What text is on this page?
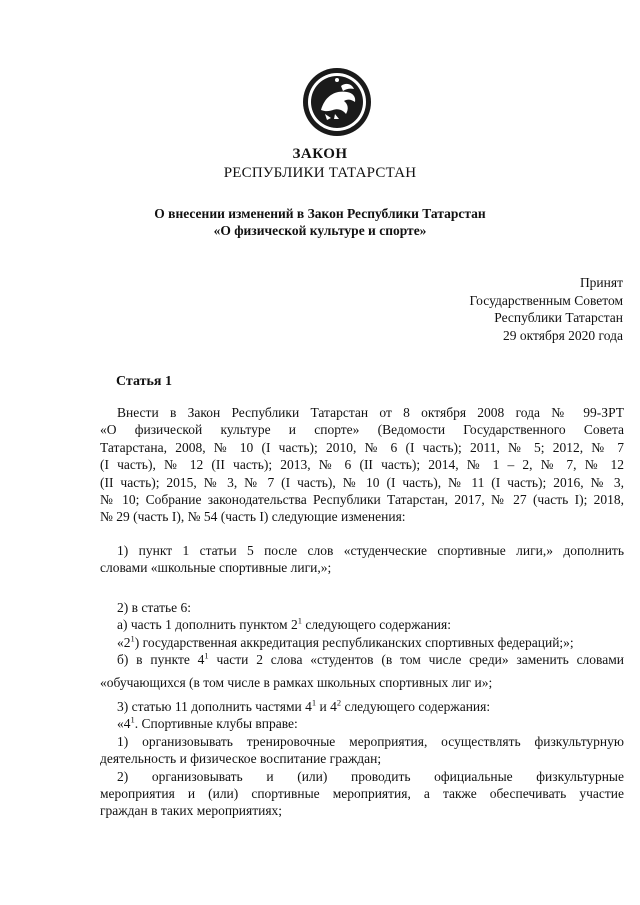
ЗАКОН
РЕСПУБЛИКИ ТАТАРСТАН
О внесении изменений в Закон Республики Татарстан
«О физической культуре и спорте»
Принят
Государственным Советом
Республики Татарстан
29 октября 2020 года
Статья 1
Внести в Закон Республики Татарстан от 8 октября 2008 года № 99-ЗРТ
«О физической культуре и спорте» (Ведомости Государственного Совета
Татарстана, 2008, № 10 (I часть); 2010, № 6 (I часть); 2011, № 5; 2012, № 7
(I часть), № 12 (II часть); 2013, № 6 (II часть); 2014, № 1 – 2, № 7, № 12
(II часть); 2015, № 3, № 7 (I часть), № 10 (I часть), № 11 (I часть); 2016, № 3,
№ 10; Собрание законодательства Республики Татарстан, 2017, № 27 (часть I); 2018,
№ 29 (часть I), № 54 (часть I) следующие изменения:
1) пункт 1 статьи 5 после слов «студенческие спортивные лиги,» дополнить
словами «школьные спортивные лиги,»;
2) в статье 6:
а) часть 1 дополнить пунктом $2^1$ следующего содержания:
«$2^1$) государственная аккредитация республиканских спортивных федераций;»;
б) в пункте $4^1$ части 2 слова «студентов (в том числе среди» заменить словами
«обучающихся (в том числе в рамках школьных спортивных лиг и»;
3) статью 11 дополнить частями $4^1$ и $4^2$ следующего содержания:
«$4^1$. Спортивные клубы вправе:
1) организовывать тренировочные мероприятия, осуществлять физкультурную
деятельность и физическое воспитание граждан;
2) организовывать и (или) проводить официальные физкультурные
мероприятия и (или) спортивные мероприятия, а также обеспечивать участие
граждан в таких мероприятиях;
